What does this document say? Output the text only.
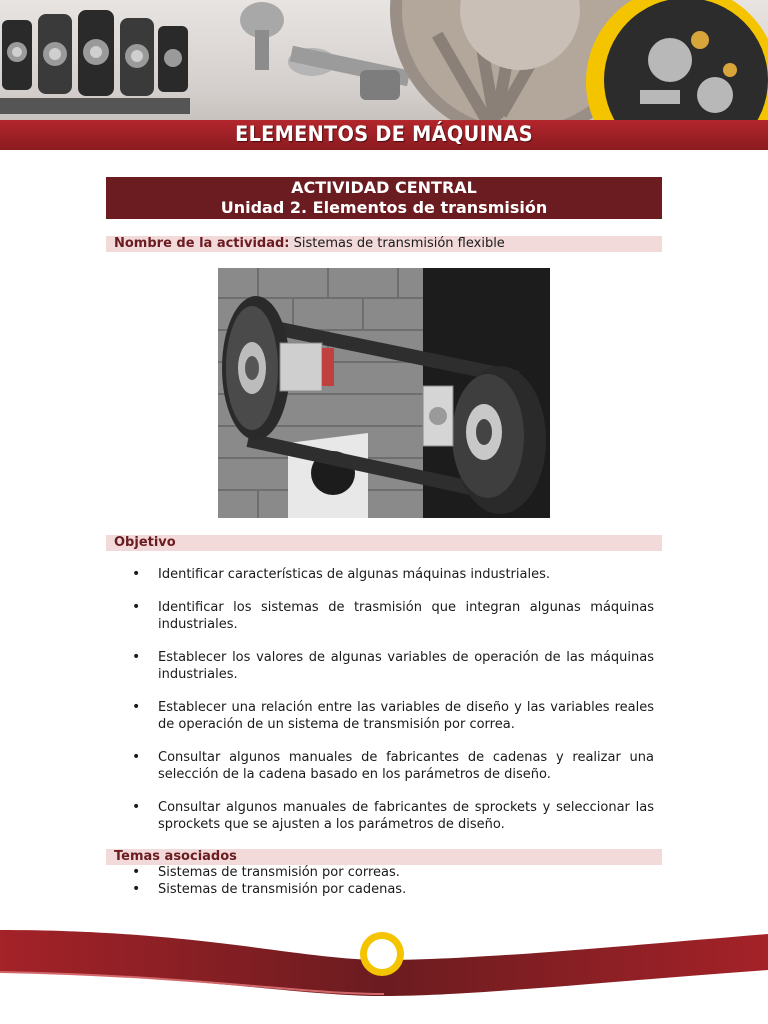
ELEMENTOS DE MÁQUINAS
ACTIVIDAD CENTRAL
Unidad 2. Elementos de transmisión
Nombre de la actividad: Sistemas de transmisión flexible
Objetivo
• Identificar características de algunas máquinas industriales.
• Identificar los sistemas de trasmisión que integran algunas máquinas industriales.
• Establecer los valores de algunas variables de operación de las máquinas industriales.
• Establecer una relación entre las variables de diseño y las variables reales de operación de un sistema de transmisión por correa.
• Consultar algunos manuales de fabricantes de cadenas y realizar una selección de la cadena basado en los parámetros de diseño.
• Consultar algunos manuales de fabricantes de sprockets y seleccionar las sprockets que se ajusten a los parámetros de diseño.
Temas asociados
• Sistemas de transmisión por correas.
• Sistemas de transmisión por cadenas.
